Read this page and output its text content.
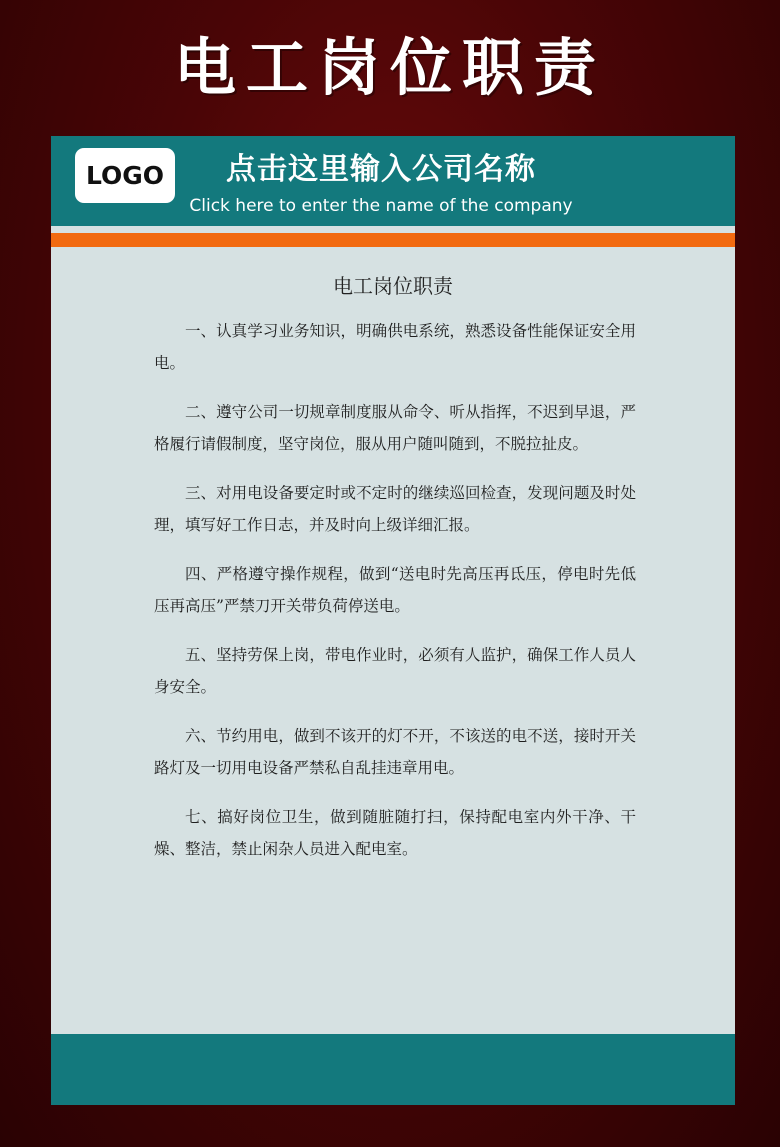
电工岗位职责
LOGO	点击这里输入公司名称
Click here to enter the name of the company
电工岗位职责

一、认真学习业务知识，明确供电系统，熟悉设备性能保证安全用电。

二、遵守公司一切规章制度服从命令、听从指挥，不迟到早退，严格履行请假制度，坚守岗位，服从用户随叫随到，不脱拉扯皮。

三、对用电设备要定时或不定时的继续巡回检查，发现问题及时处理，填写好工作日志，并及时向上级详细汇报。

四、严格遵守操作规程，做到“送电时先高压再氐压，停电时先低压再高压”严禁刀开关带负荷停送电。

五、坚持劳保上岗，带电作业时，必须有人监护，确保工作人员人身安全。

六、节约用电，做到不该开的灯不开，不该送的电不送，接时开关路灯及一切用电设备严禁私自乱挂违章用电。

七、搞好岗位卫生，做到随脏随打扫，保持配电室内外干净、干燥、整洁，禁止闲杂人员进入配电室。
